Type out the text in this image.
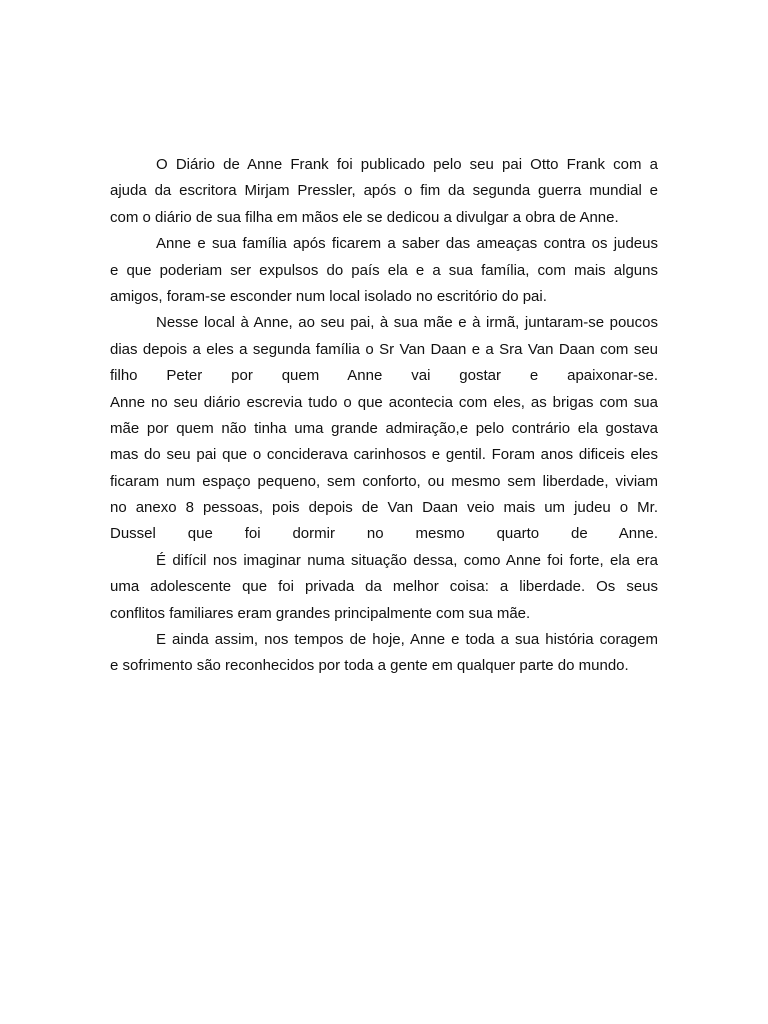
O Diário de Anne Frank foi publicado pelo seu pai Otto Frank com a
ajuda da escritora Mirjam Pressler, após o fim da segunda guerra mundial e
com o diário de sua filha em mãos ele se dedicou a divulgar a obra de Anne.
Anne e sua família após ficarem a saber das ameaças contra os judeus
e que poderiam ser expulsos do país ela e a sua família, com mais alguns
amigos, foram-se esconder num local isolado no escritório do pai.
Nesse local à Anne, ao seu pai, à sua mãe e à irmã, juntaram-se poucos
dias depois a eles a segunda família o Sr Van Daan e a Sra Van Daan com seu
filho Peter por quem Anne vai gostar e apaixonar-se.
Anne no seu diário escrevia tudo o que acontecia com eles, as brigas com sua
mãe por quem não tinha uma grande admiração,e pelo contrário ela gostava
mas do seu pai que o conciderava carinhosos e gentil. Foram anos dificeis eles
ficaram num espaço pequeno, sem conforto, ou mesmo sem liberdade, viviam
no anexo 8 pessoas, pois depois de Van Daan veio mais um judeu o Mr.
Dussel que foi dormir no mesmo quarto de Anne.
É difícil nos imaginar numa situação dessa, como Anne foi forte, ela era
uma adolescente que foi privada da melhor coisa: a liberdade. Os seus
conflitos familiares eram grandes principalmente com sua mãe.
E ainda assim, nos tempos de hoje, Anne e toda a sua história coragem
e sofrimento são reconhecidos por toda a gente em qualquer parte do mundo.
